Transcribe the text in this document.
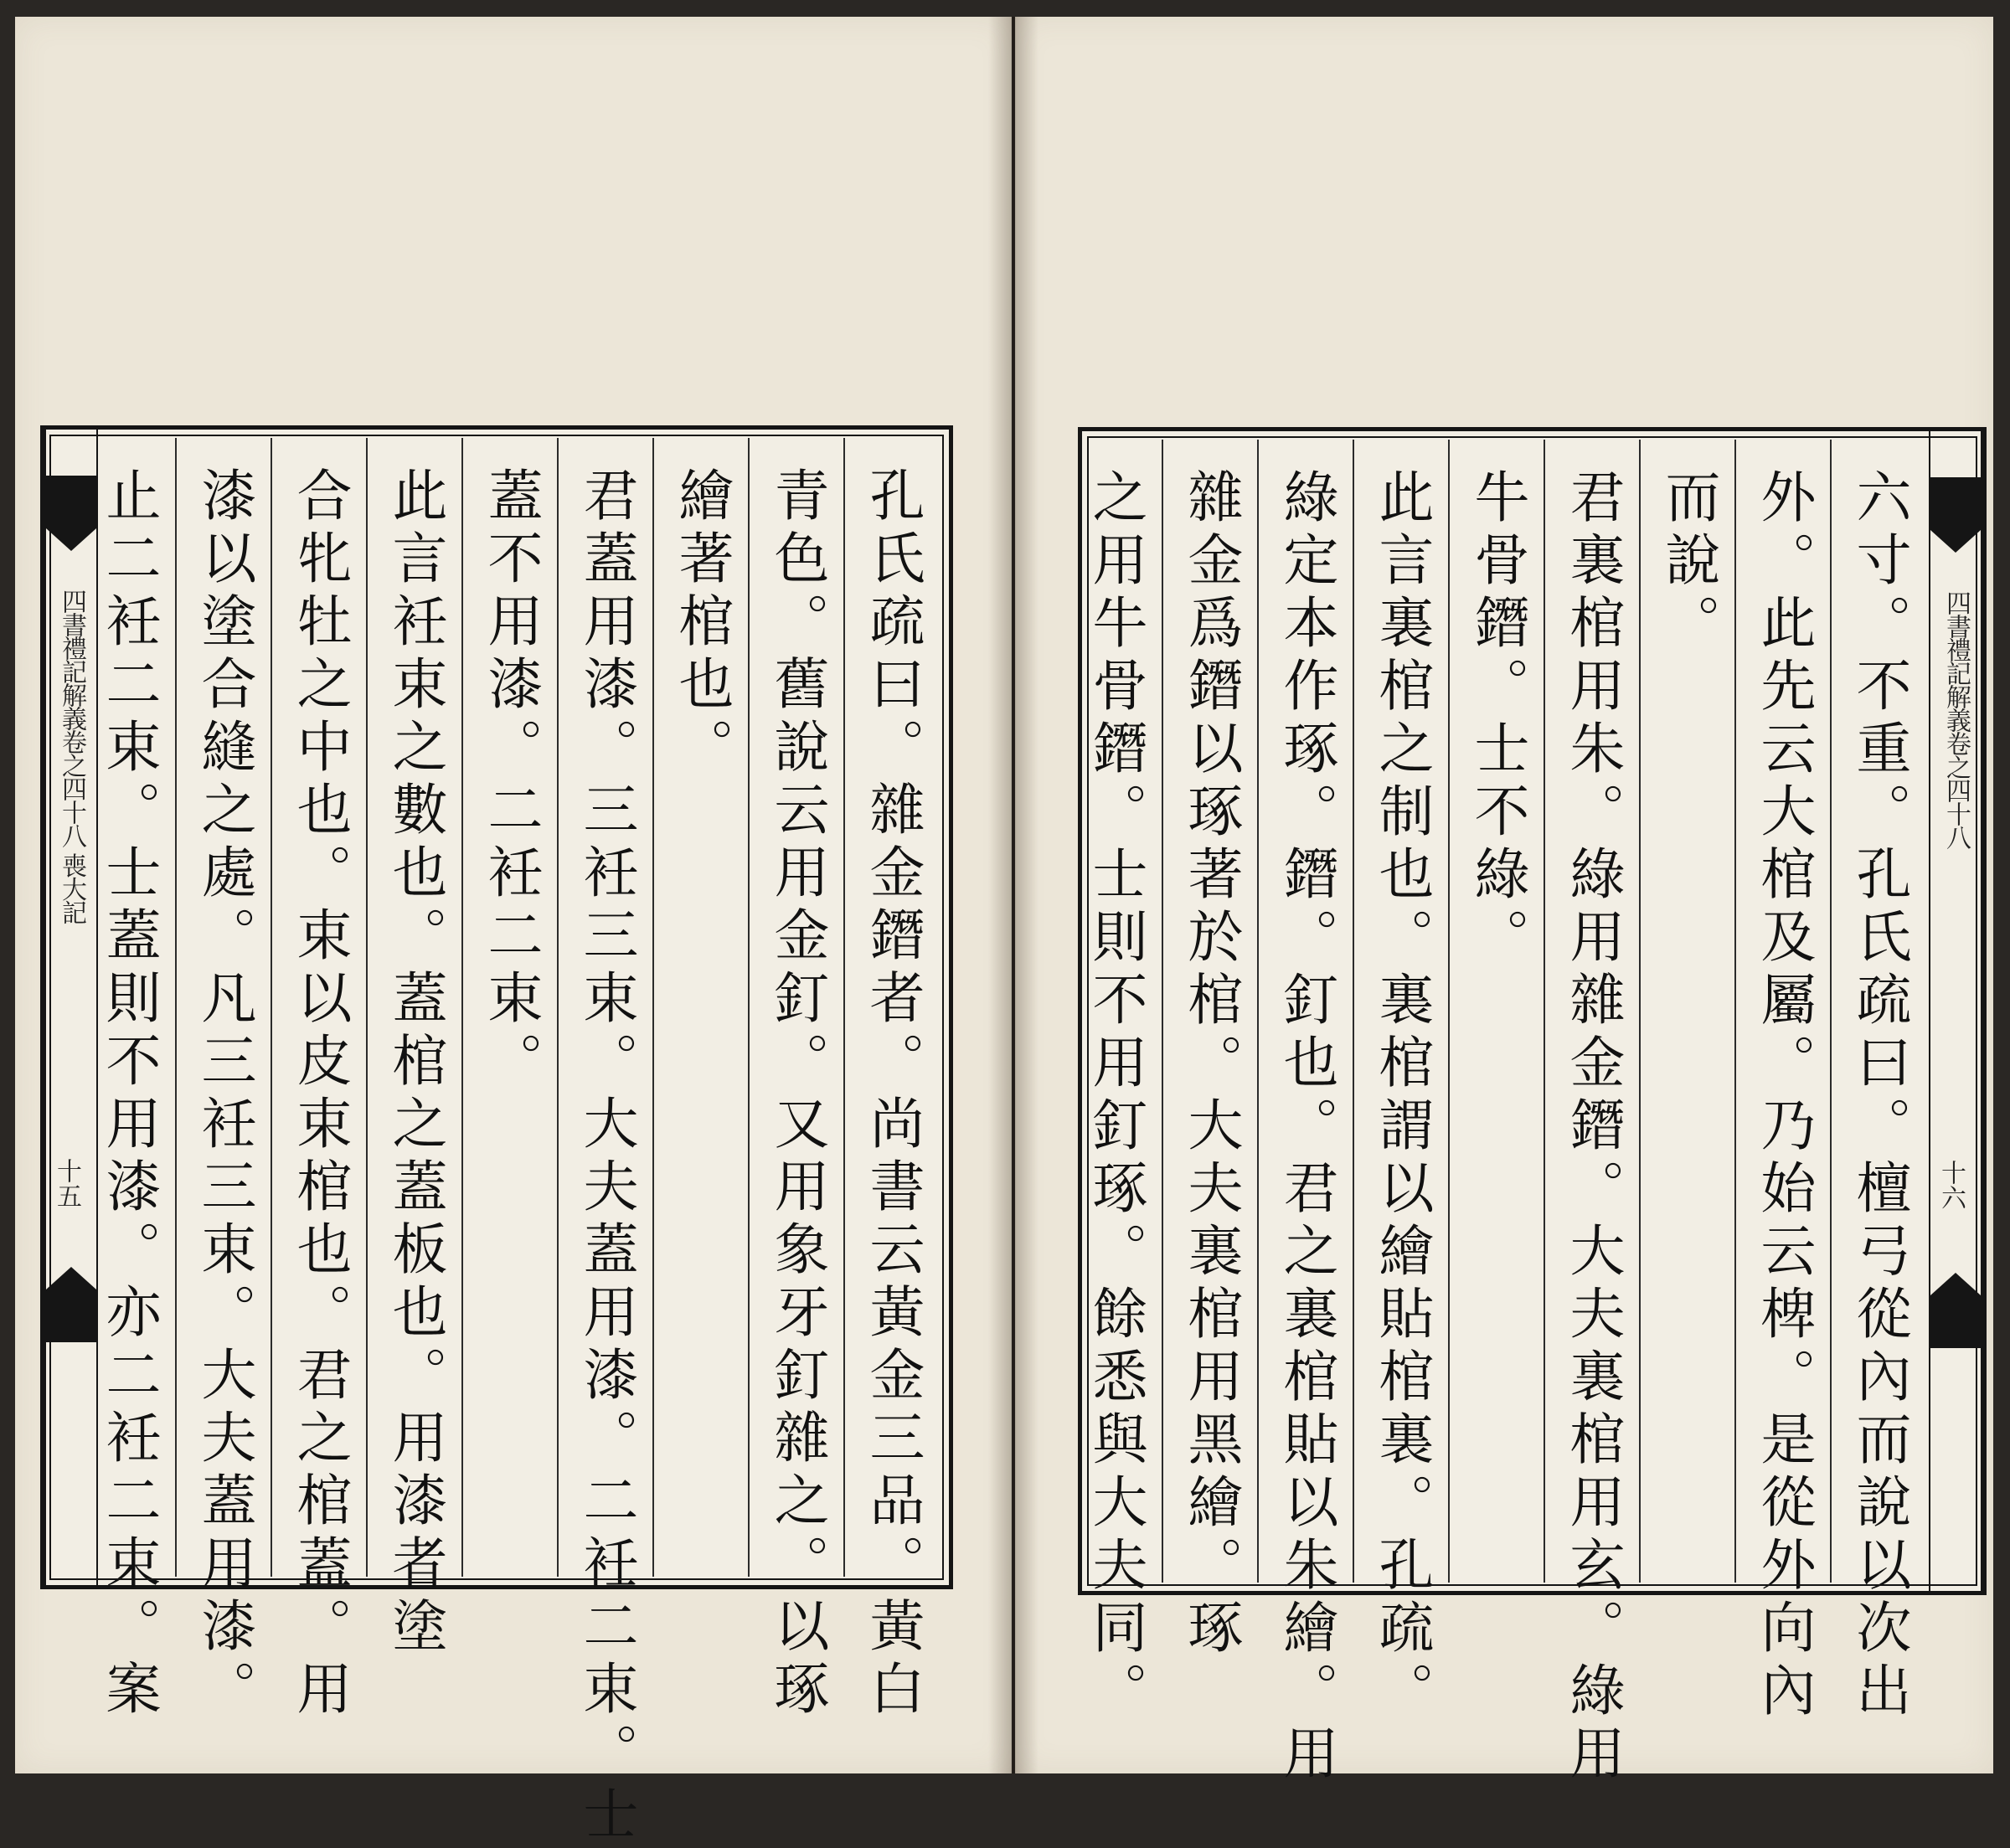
四書禮記解義卷之四十八 喪大記
十五	孔氏疏曰。雜金鐕者。尚書云黃金三品。黃白
青色。舊說云用金釘。又用象牙釘雜之。以琢
繪著棺也。
君蓋用漆。三衽三束。大夫蓋用漆。二衽二束。士
蓋不用漆。二衽二束。
此言衽束之數也。蓋棺之蓋板也。用漆者塗
合牝牡之中也。束以皮束棺也。君之棺蓋。用
漆以塗合縫之處。凡三衽三束。大夫蓋用漆。
止二衽二束。士蓋則不用漆。亦二衽二束。案	六寸。不重。孔氏疏曰。檀弓從內而說以次出
外。此先云大棺及屬。乃始云椑。是從外向內
而說。
君裏棺用朱。綠用雜金鐕。大夫裏棺用玄。綠用
牛骨鐕。士不綠。
此言裏棺之制也。裏棺謂以繪貼棺裏。孔疏。
綠定本作琢。鐕。釘也。君之裏棺貼以朱繪。用
雜金爲鐕以琢著於棺。大夫裏棺用黑繪。琢
之用牛骨鐕。士則不用釘琢。餘悉與大夫同。	四書禮記解義卷之四十八
十六
